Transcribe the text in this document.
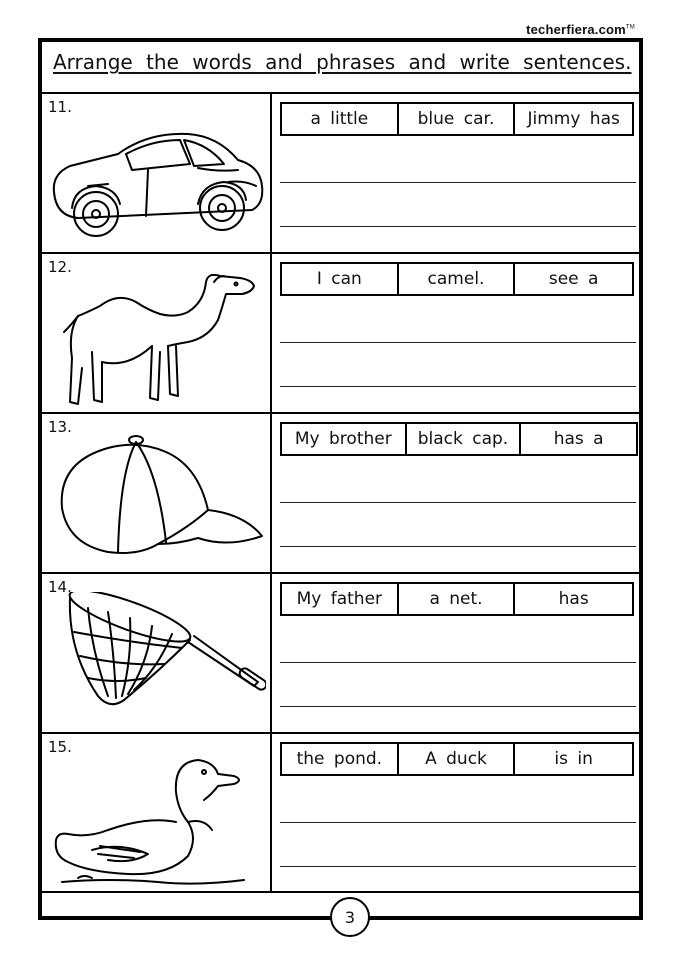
techerfiera.com™
Arrange the words and phrases and write sentences.
11.
a little	blue car.	Jimmy has
12.
I can	camel.	see a
13.
My brother	black cap.	has a
14.
My father	a net.	has
15.
the pond.	A duck	is in
3
